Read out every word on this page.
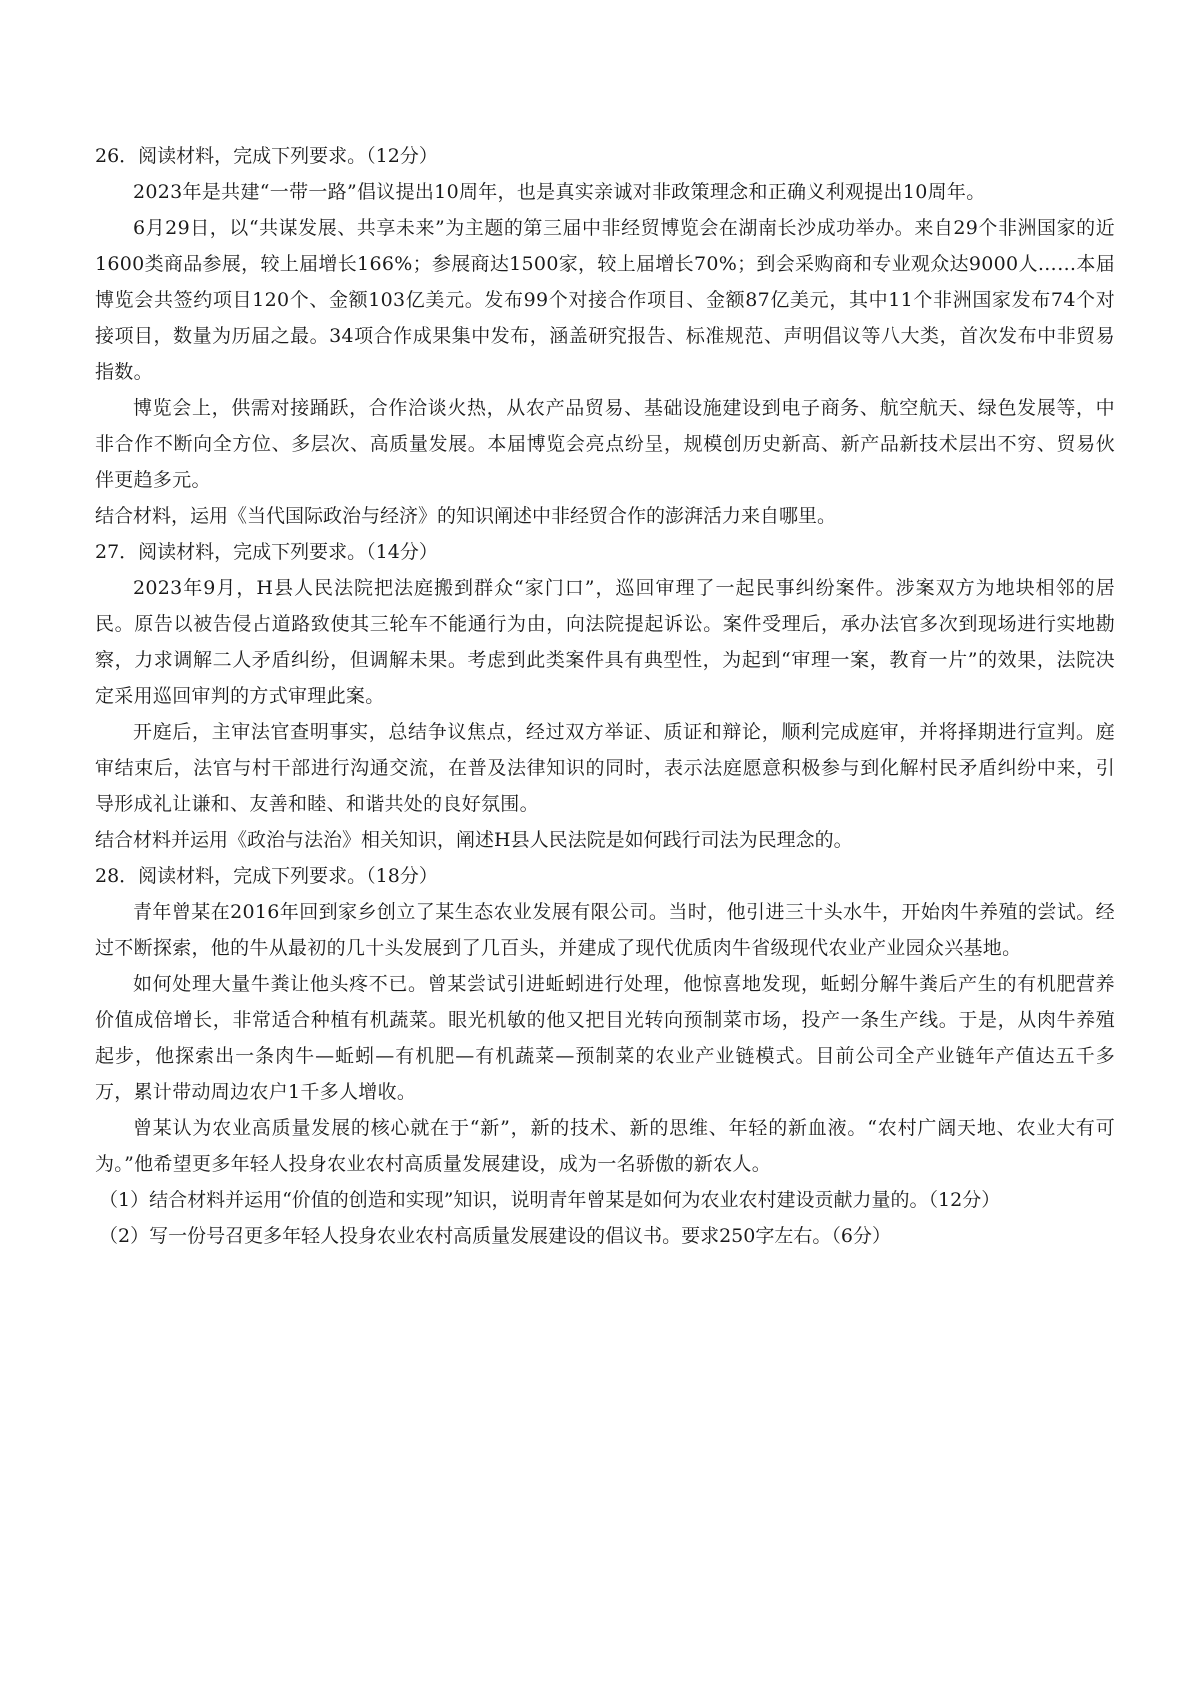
26．阅读材料，完成下列要求。（12分）

2023年是共建“一带一路”倡议提出10周年，也是真实亲诚对非政策理念和正确义利观提出10周年。

6月29日，以“共谋发展、共享未来”为主题的第三届中非经贸博览会在湖南长沙成功举办。来自29个非洲国家的近1600类商品参展，较上届增长166%；参展商达1500家，较上届增长70%；到会采购商和专业观众达9000人……本届博览会共签约项目120个、金额103亿美元。发布99个对接合作项目、金额87亿美元，其中11个非洲国家发布74个对接项目，数量为历届之最。34项合作成果集中发布，涵盖研究报告、标准规范、声明倡议等八大类，首次发布中非贸易指数。

博览会上，供需对接踊跃，合作洽谈火热，从农产品贸易、基础设施建设到电子商务、航空航天、绿色发展等，中非合作不断向全方位、多层次、高质量发展。本届博览会亮点纷呈，规模创历史新高、新产品新技术层出不穷、贸易伙伴更趋多元。

结合材料，运用《当代国际政治与经济》的知识阐述中非经贸合作的澎湃活力来自哪里。

27．阅读材料，完成下列要求。（14分）

2023年9月，H县人民法院把法庭搬到群众“家门口”，巡回审理了一起民事纠纷案件。涉案双方为地块相邻的居民。原告以被告侵占道路致使其三轮车不能通行为由，向法院提起诉讼。案件受理后，承办法官多次到现场进行实地勘察，力求调解二人矛盾纠纷，但调解未果。考虑到此类案件具有典型性，为起到“审理一案，教育一片”的效果，法院决定采用巡回审判的方式审理此案。

开庭后，主审法官查明事实，总结争议焦点，经过双方举证、质证和辩论，顺利完成庭审，并将择期进行宣判。庭审结束后，法官与村干部进行沟通交流，在普及法律知识的同时，表示法庭愿意积极参与到化解村民矛盾纠纷中来，引导形成礼让谦和、友善和睦、和谐共处的良好氛围。

结合材料并运用《政治与法治》相关知识，阐述H县人民法院是如何践行司法为民理念的。

28．阅读材料，完成下列要求。（18分）

青年曾某在2016年回到家乡创立了某生态农业发展有限公司。当时，他引进三十头水牛，开始肉牛养殖的尝试。经过不断探索，他的牛从最初的几十头发展到了几百头，并建成了现代优质肉牛省级现代农业产业园众兴基地。

如何处理大量牛粪让他头疼不已。曾某尝试引进蚯蚓进行处理，他惊喜地发现，蚯蚓分解牛粪后产生的有机肥营养价值成倍增长，非常适合种植有机蔬菜。眼光机敏的他又把目光转向预制菜市场，投产一条生产线。于是，从肉牛养殖起步，他探索出一条肉牛—蚯蚓—有机肥—有机蔬菜—预制菜的农业产业链模式。目前公司全产业链年产值达五千多万，累计带动周边农户1千多人增收。

曾某认为农业高质量发展的核心就在于“新”，新的技术、新的思维、年轻的新血液。“农村广阔天地、农业大有可为。”他希望更多年轻人投身农业农村高质量发展建设，成为一名骄傲的新农人。

（1）结合材料并运用“价值的创造和实现”知识，说明青年曾某是如何为农业农村建设贡献力量的。（12分）

（2）写一份号召更多年轻人投身农业农村高质量发展建设的倡议书。要求250字左右。（6分）
